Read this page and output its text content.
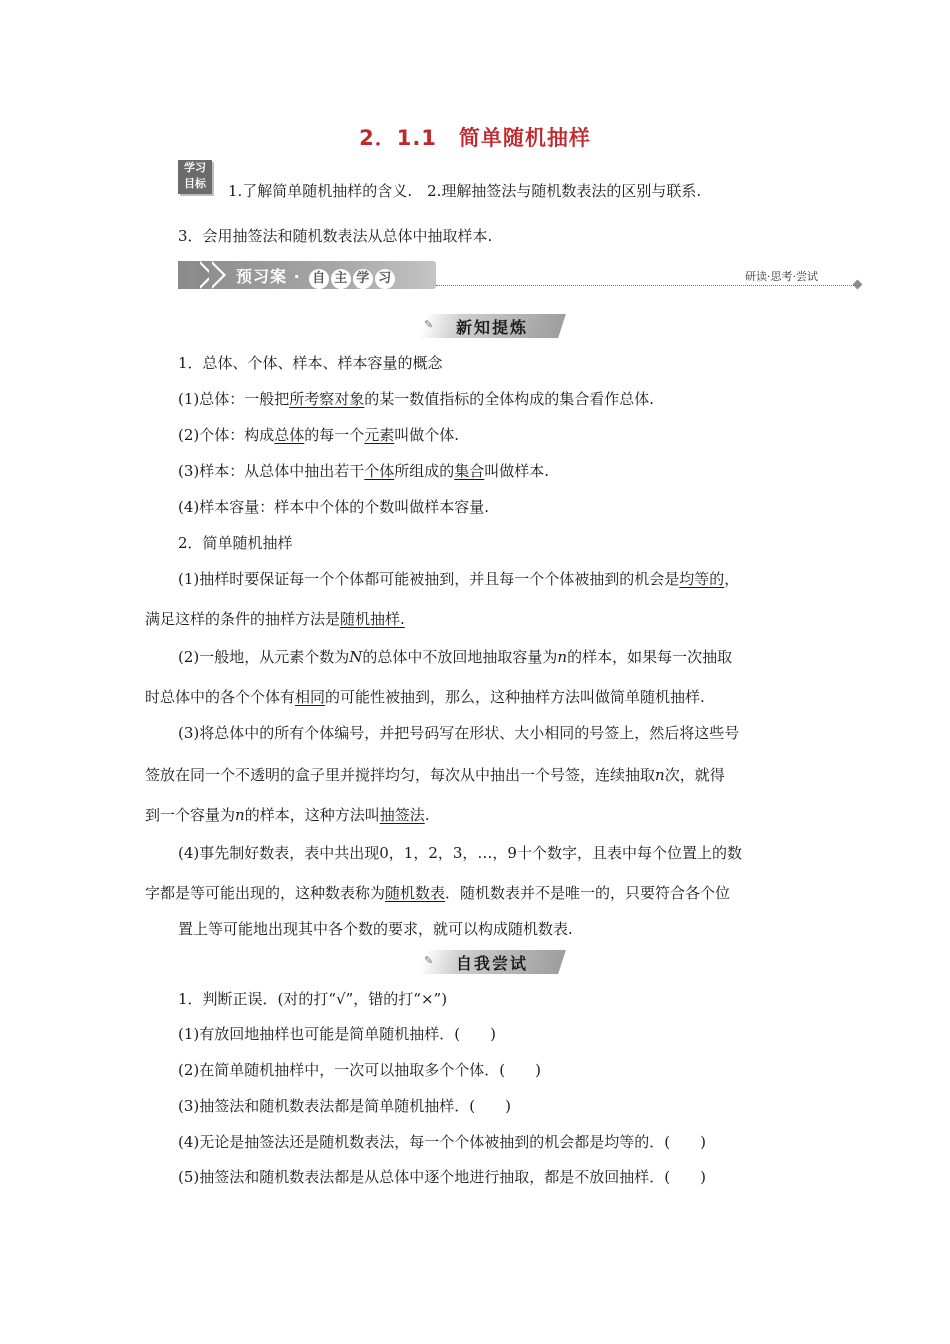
2．1.1　简单随机抽样
学习
目标	1.了解简单随机抽样的含义.　2.理解抽签法与随机数表法的区别与联系.
3．会用抽签法和随机数表法从总体中抽取样本.
预习案 · 自 主 学 习	研读·思考·尝试
✎	新知提炼
1．总体、个体、样本、样本容量的概念
(1)总体：一般把所考察对象的某一数值指标的全体构成的集合看作总体.
(2)个体：构成总体的每一个元素叫做个体.
(3)样本：从总体中抽出若干个体所组成的集合叫做样本.
(4)样本容量：样本中个体的个数叫做样本容量.
2．简单随机抽样
(1)抽样时要保证每一个个体都可能被抽到，并且每一个个体被抽到的机会是均等的，
满足这样的条件的抽样方法是随机抽样.
(2)一般地，从元素个数为N的总体中不放回地抽取容量为n的样本，如果每一次抽取
时总体中的各个个体有相同的可能性被抽到，那么，这种抽样方法叫做简单随机抽样.
(3)将总体中的所有个体编号，并把号码写在形状、大小相同的号签上，然后将这些号
签放在同一个不透明的盒子里并搅拌均匀，每次从中抽出一个号签，连续抽取n次，就得
到一个容量为n的样本，这种方法叫抽签法.
(4)事先制好数表，表中共出现0，1，2，3，…，9十个数字，且表中每个位置上的数
字都是等可能出现的，这种数表称为随机数表．随机数表并不是唯一的，只要符合各个位
置上等可能地出现其中各个数的要求，就可以构成随机数表.
✎	自我尝试
1．判断正误．(对的打“√”，错的打“×”)
(1)有放回地抽样也可能是简单随机抽样．(　　)
(2)在简单随机抽样中，一次可以抽取多个个体．(　　)
(3)抽签法和随机数表法都是简单随机抽样．(　　)
(4)无论是抽签法还是随机数表法，每一个个体被抽到的机会都是均等的．(　　)
(5)抽签法和随机数表法都是从总体中逐个地进行抽取，都是不放回抽样．(　　)
